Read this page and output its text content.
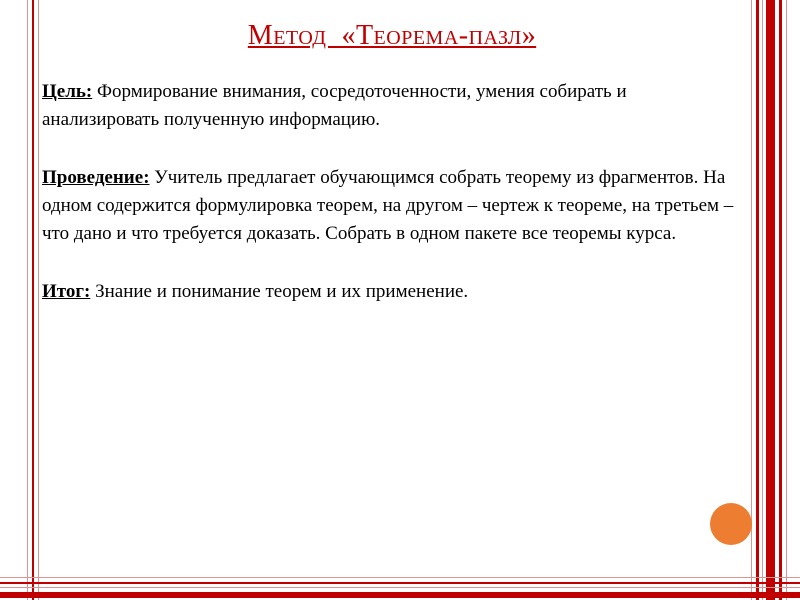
Метод  «Теорема-пазл»

Цель: Формирование внимания, сосредоточенности, умения собирать и анализировать полученную информацию.

Проведение: Учитель предлагает обучающимся собрать теорему из фрагментов. На одном содержится формулировка теорем, на другом – чертеж к теореме, на третьем – что дано и что требуется доказать. Собрать в одном пакете все теоремы курса.

Итог: Знание и понимание теорем и их применение.
